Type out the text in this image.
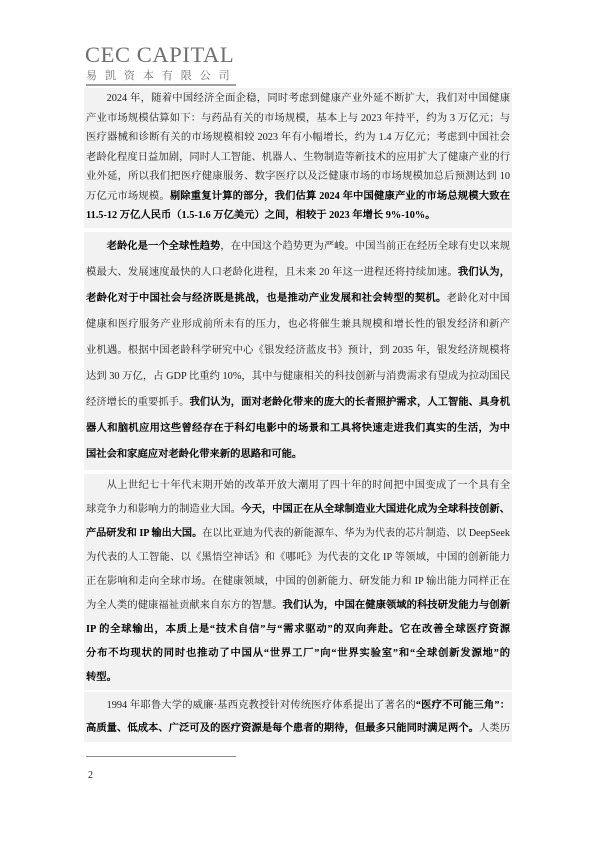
CEC CAPITAL
易 凯 资 本 有 限 公 司
2024 年，随着中国经济全面企稳，同时考虑到健康产业外延不断扩大，我们对中国健康
产业市场规模估算如下：与药品有关的市场规模，基本上与 2023 年持平，约为 3 万亿元；与
医疗器械和诊断有关的市场规模相较 2023 年有小幅增长，约为 1.4 万亿元；考虑到中国社会
老龄化程度日益加剧，同时人工智能、机器人、生物制造等新技术的应用扩大了健康产业的行
业外延，所以我们把医疗健康服务、数字医疗以及泛健康市场的市场规模加总后预测达到 10
万亿元市场规模。剔除重复计算的部分，我们估算 2024 年中国健康产业的市场总规模大致在
11.5-12 万亿人民币（1.5-1.6 万亿美元）之间，相较于 2023 年增长 9%-10%。
老龄化是一个全球性趋势，在中国这个趋势更为严峻。中国当前正在经历全球有史以来规
模最大、发展速度最快的人口老龄化进程，且未来 20 年这一进程还将持续加速。我们认为，
老龄化对于中国社会与经济既是挑战，也是推动产业发展和社会转型的契机。老龄化对中国
健康和医疗服务产业形成前所未有的压力，也必将催生兼具规模和增长性的银发经济和新产
业机遇。根据中国老龄科学研究中心《银发经济蓝皮书》预计，到 2035 年，银发经济规模将
达到 30 万亿，占 GDP 比重约 10%，其中与健康相关的科技创新与消费需求有望成为拉动国民
经济增长的重要抓手。我们认为，面对老龄化带来的庞大的长者照护需求，人工智能、具身机
器人和脑机应用这些曾经存在于科幻电影中的场景和工具将快速走进我们真实的生活，为中
国社会和家庭应对老龄化带来新的思路和可能。
从上世纪七十年代末期开始的改革开放大潮用了四十年的时间把中国变成了一个具有全
球竞争力和影响力的制造业大国。今天，中国正在从全球制造业大国进化成为全球科技创新、
产品研发和 IP 输出大国。在以比亚迪为代表的新能源车、华为为代表的芯片制造、以 DeepSeek
为代表的人工智能、以《黑悟空神话》和《哪吒》为代表的文化 IP 等领域，中国的创新能力
正在影响和走向全球市场。在健康领域，中国的创新能力、研发能力和 IP 输出能力同样正在
为全人类的健康福祉贡献来自东方的智慧。我们认为，中国在健康领域的科技研发能力与创新
IP 的全球输出，本质上是“技术自信”与“需求驱动”的双向奔赴。它在改善全球医疗资源
分布不均现状的同时也推动了中国从“世界工厂”向“世界实验室”和“全球创新发源地”的
转型。
1994 年耶鲁大学的威廉·基西克教授针对传统医疗体系提出了著名的“医疗不可能三角”：
高质量、低成本、广泛可及的医疗资源是每个患者的期待，但最多只能同时满足两个。人类历
2
